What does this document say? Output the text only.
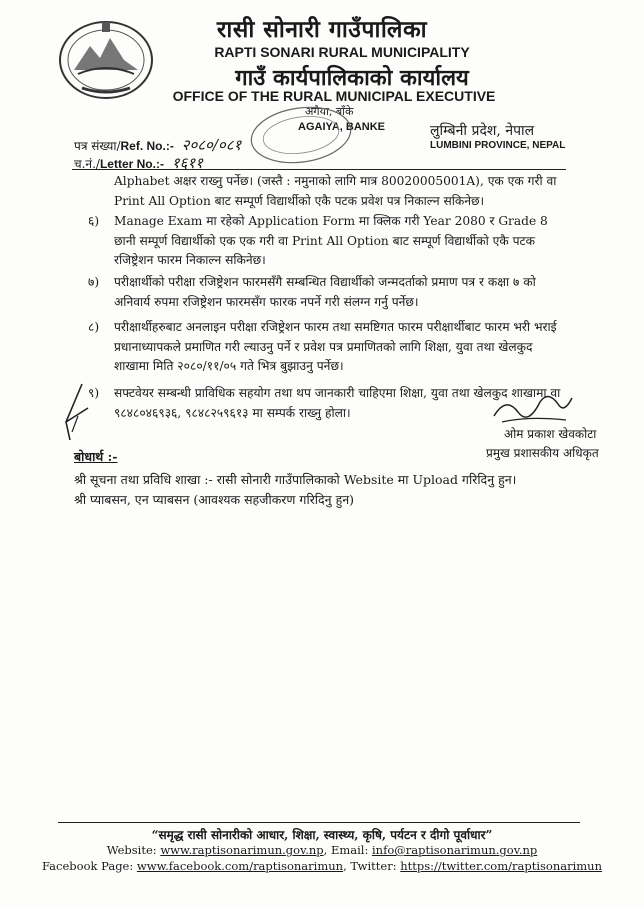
रासी सोनारी गाउँपालिका
RAPTI SONARI RURAL MUNICIPALITY
गाउँ कार्यपालिकाको कार्यालय
OFFICE OF THE RURAL MUNICIPAL EXECUTIVE
अगैया, बाँके
AGAIYA, BANKE	लुम्बिनी प्रदेश, नेपाल
LUMBINI PROVINCE, NEPAL
पत्र संख्या/Ref. No.:- २०८०/०८१
च.नं./Letter No.:- १६११
Alphabet अक्षर राख्नु पर्नेछ। (जस्तै : नमुनाको लागि मात्र 80020005001A), एक एक गरी वा Print All Option बाट सम्पूर्ण विद्यार्थीको एकै पटक प्रवेश पत्र निकाल्न सकिनेछ।
६) Manage Exam मा रहेको Application Form मा क्लिक गरी Year 2080 र Grade 8 छानी सम्पूर्ण विद्यार्थीको एक एक गरी वा Print All Option बाट सम्पूर्ण विद्यार्थीको एकै पटक रजिष्ट्रेशन फारम निकाल्न सकिनेछ।
७) परीक्षार्थीको परीक्षा रजिष्ट्रेशन फारमसँगै सम्बन्धित विद्यार्थीको जन्मदर्ताको प्रमाण पत्र र कक्षा ७ को अनिवार्य रुपमा रजिष्ट्रेशन फारमसँग फारक नपर्ने गरी संलग्न गर्नु पर्नेछ।
८) परीक्षार्थीहरुबाट अनलाइन परीक्षा रजिष्ट्रेशन फारम तथा समष्टिगत फारम परीक्षार्थीबाट फारम भरी भराई प्रधानाध्यापकले प्रमाणित गरी ल्याउनु पर्ने र प्रवेश पत्र प्रमाणितको लागि शिक्षा, युवा तथा खेलकुद शाखामा मिति २०८०/११/०५ गते भित्र बुझाउनु पर्नेछ।
९) सफ्टवेयर सम्बन्धी प्राविधिक सहयोग तथा थप जानकारी चाहिएमा शिक्षा, युवा तथा खेलकुद शाखामा वा ९८४८०४६९३६, ९८४८२५९६१३ मा सम्पर्क राख्नु होला।
ओम प्रकाश खेवकोटा
प्रमुख प्रशासकीय अधिकृत
बोधार्थ :-
श्री सूचना तथा प्रविधि शाखा :- रासी सोनारी गाउँपालिकाको Website मा Upload गरिदिनु हुन।
श्री प्याबसन, एन प्याबसन (आवश्यक सहजीकरण गरिदिनु हुन)
“समृद्ध रासी सोनारीको आधार, शिक्षा, स्वास्थ्य, कृषि, पर्यटन र दीगो पूर्वाधार”
Website: www.raptisonarimun.gov.np, Email: info@raptisonarimun.gov.np
Facebook Page: www.facebook.com/raptisonarimun, Twitter: https://twitter.com/raptisonarimun
